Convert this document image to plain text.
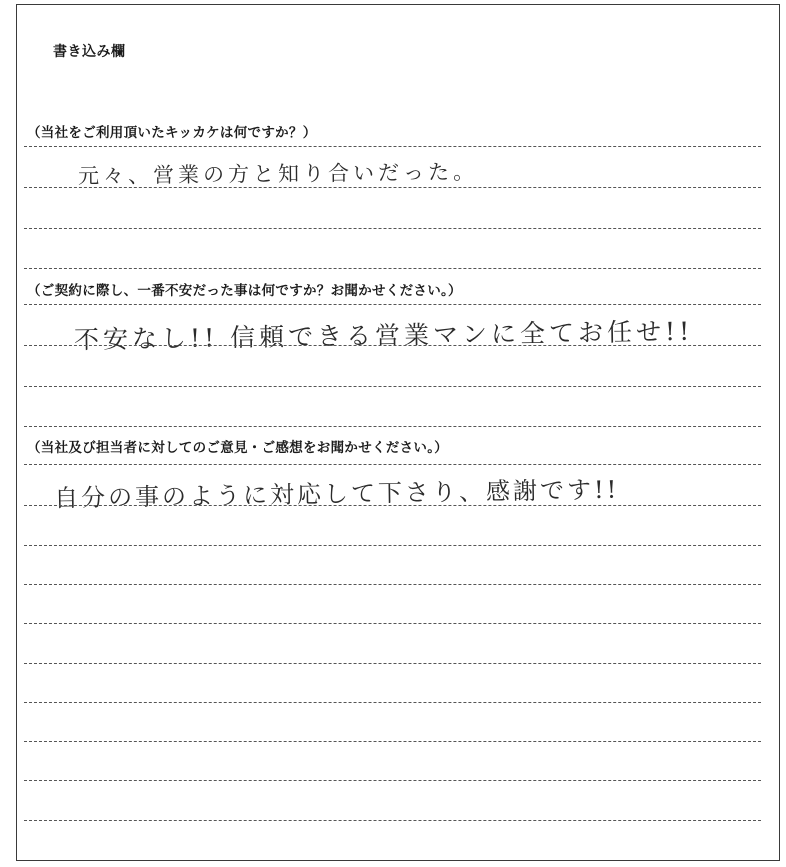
書き込み欄
（当社をご利用頂いたキッカケは何ですか？）
元々、営業の方と知り合いだった。
（ご契約に際し、一番不安だった事は何ですか？お聞かせください。）
不安なし!! 信頼できる営業マンに全てお任せ!!
（当社及び担当者に対してのご意見・ご感想をお聞かせください。）
自分の事のように対応して下さり、感謝です!!
